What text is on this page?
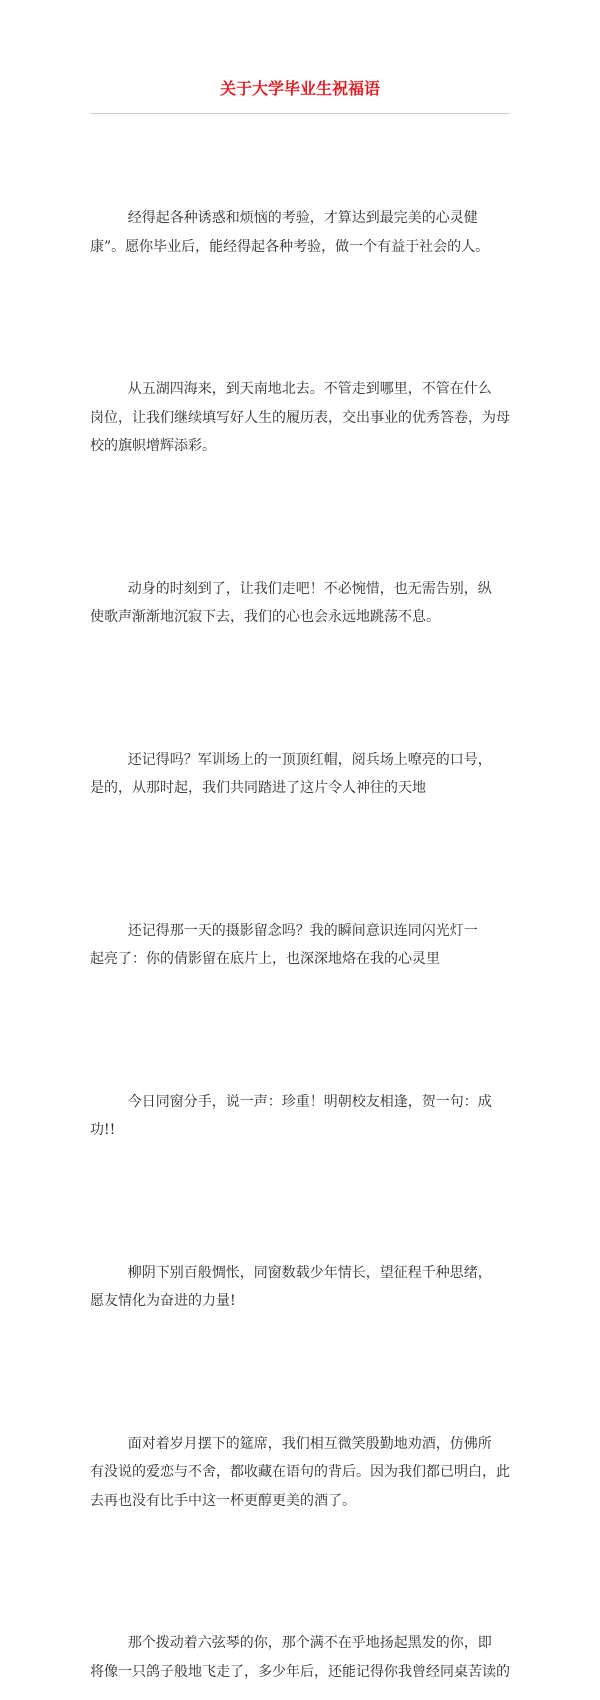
关于大学毕业生祝福语

经得起各种诱惑和烦恼的考验，才算达到最完美的心灵健
康”。愿你毕业后，能经得起各种考验，做一个有益于社会的人。

从五湖四海来，到天南地北去。不管走到哪里，不管在什么
岗位，让我们继续填写好人生的履历表，交出事业的优秀答卷，为母
校的旗帜增辉添彩。

动身的时刻到了，让我们走吧！不必惋惜，也无需告别，纵
使歌声渐渐地沉寂下去，我们的心也会永远地跳荡不息。

还记得吗？军训场上的一顶顶红帽，阅兵场上嘹亮的口号，
是的，从那时起，我们共同踏进了这片令人神往的天地

还记得那一天的摄影留念吗？我的瞬间意识连同闪光灯一
起亮了：你的倩影留在底片上，也深深地烙在我的心灵里

今日同窗分手，说一声：珍重！明朝校友相逢，贺一句：成
功!!

柳阴下别百般惆怅，同窗数载少年情长，望征程千种思绪，
愿友情化为奋进的力量!

面对着岁月摆下的筵席，我们相互微笑殷勤地劝酒，仿佛所
有没说的爱恋与不舍，都收藏在语句的背后。因为我们都已明白，此
去再也没有比手中这一杯更醇更美的酒了。

那个拨动着六弦琴的你，那个满不在乎地扬起黑发的你，即
将像一只鸽子般地飞走了，多少年后，还能记得你我曾经同桌苦读的
